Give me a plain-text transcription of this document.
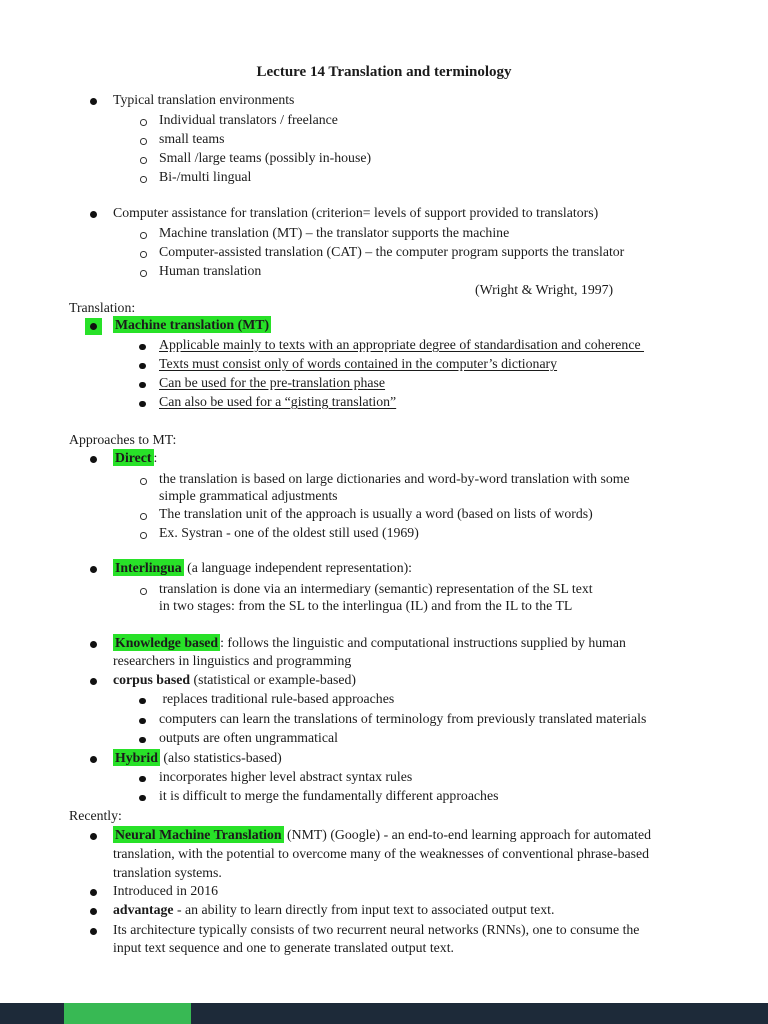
Lecture 14 Translation and terminology
Typical translation environments
Individual translators / freelance
small teams
Small /large teams (possibly in-house)
Bi-/multi lingual
Computer assistance for translation (criterion= levels of support provided to translators)
Machine translation (MT) – the translator supports the machine
Computer-assisted translation (CAT) – the computer program supports the translator
Human translation
(Wright & Wright, 1997)
Translation:
Machine translation (MT)
Applicable mainly to texts with an appropriate degree of standardisation and coherence
Texts must consist only of words contained in the computer’s dictionary
Can be used for the pre-translation phase
Can also be used for a “gisting translation”
Approaches to MT:
Direct :
the translation is based on large dictionaries and word-by-word translation with some
simple grammatical adjustments
The translation unit of the approach is usually a word (based on lists of words)
Ex. Systran - one of the oldest still used (1969)
Interlingua (a language independent representation):
translation is done via an intermediary (semantic) representation of the SL text
in two stages: from the SL to the interlingua (IL) and from the IL to the TL
Knowledge based : follows the linguistic and computational instructions supplied by human
researchers in linguistics and programming
corpus based (statistical or example-based)
replaces traditional rule-based approaches
computers can learn the translations of terminology from previously translated materials
outputs are often ungrammatical
Hybrid (also statistics-based)
incorporates higher level abstract syntax rules
it is difficult to merge the fundamentally different approaches
Recently:
Neural Machine Translation (NMT) (Google) - an end-to-end learning approach for automated
translation, with the potential to overcome many of the weaknesses of conventional phrase-based
translation systems.
Introduced in 2016
advantage - an ability to learn directly from input text to associated output text.
Its architecture typically consists of two recurrent neural networks (RNNs), one to consume the
input text sequence and one to generate translated output text.
